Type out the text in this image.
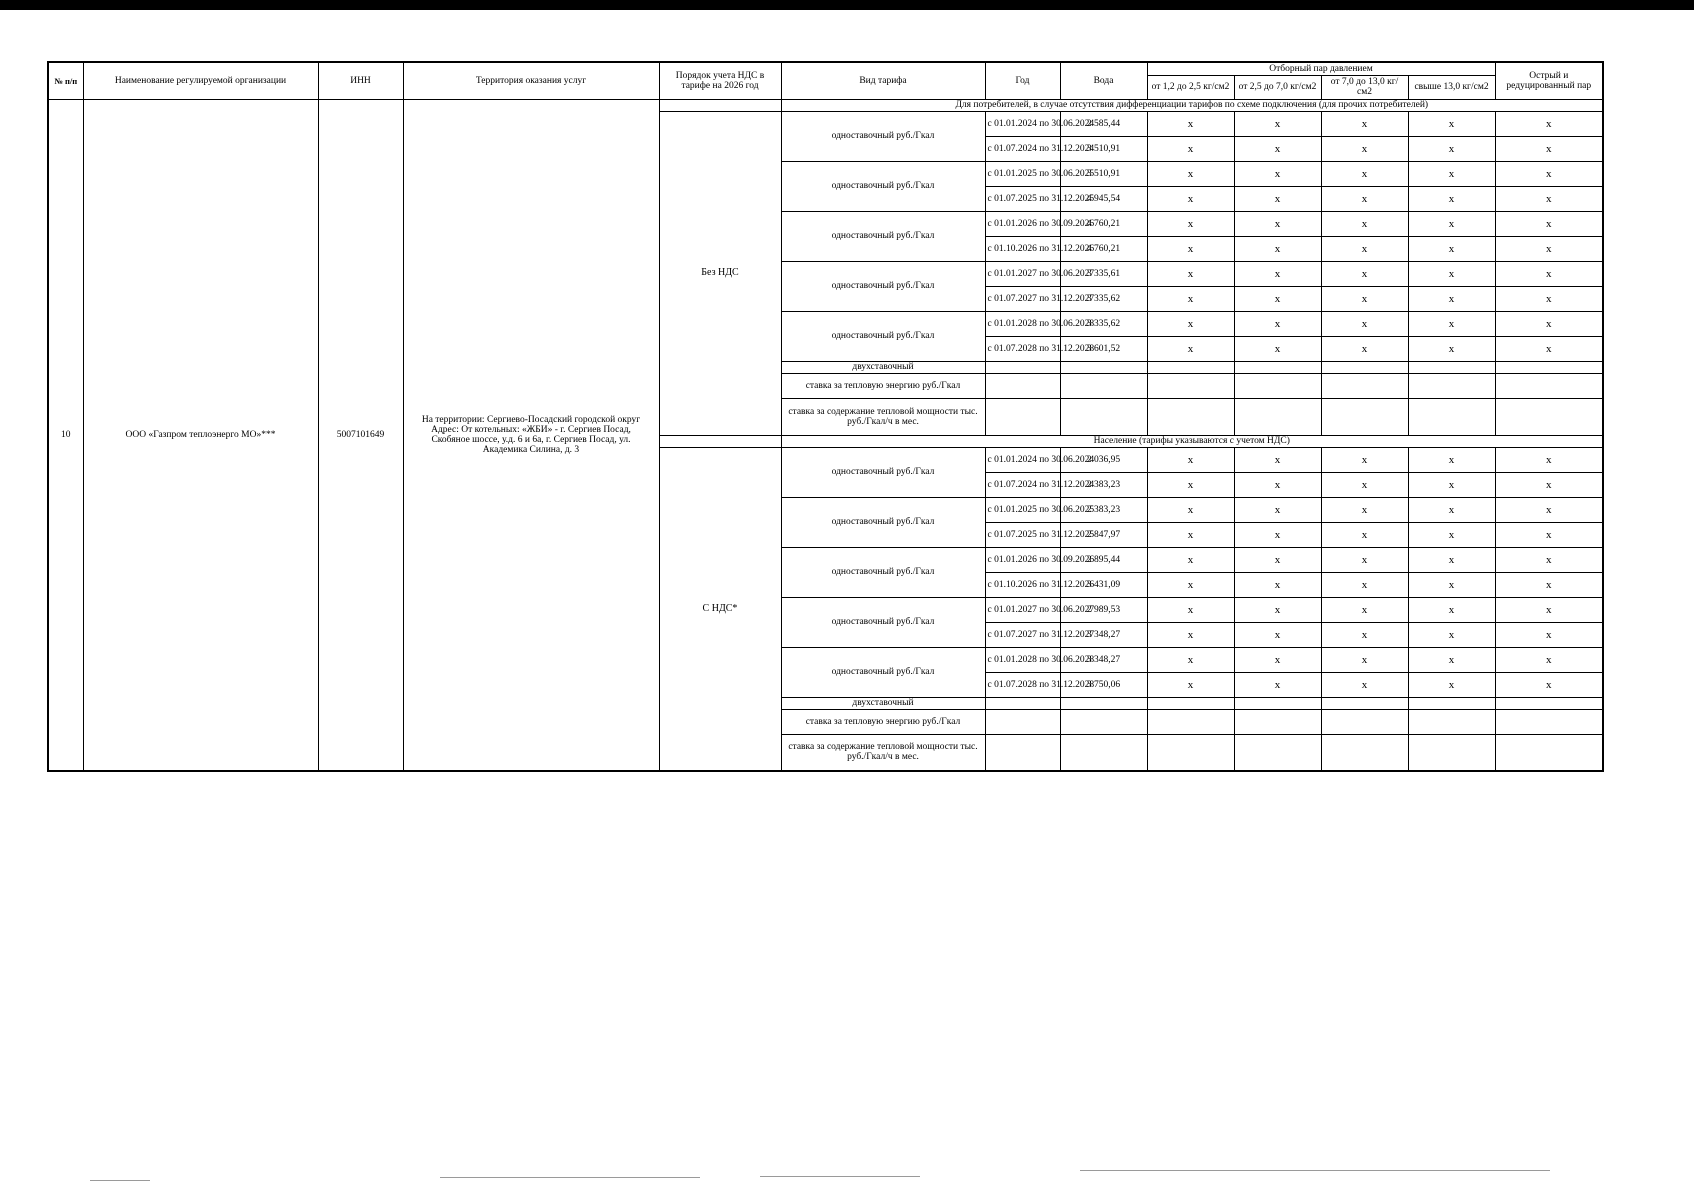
№ п/п	Наименование регулируемой организации	ИНН	Территория оказания услуг	Порядок учета НДС в тарифе на 2026 год	Вид тарифа	Год	Вода	Отборный пар давлением				Острый и редуцированный пар
								от 1,2 до 2,5 кг/см2	от 2,5 до 7,0 кг/см2	от 7,0 до 13,0 кг/см2	свыше 13,0 кг/см2	
10	ООО «Газпром теплоэнерго МО»***	5007101649	На территории: Сергиево-Посадский городской округ Адрес: От котельных: «ЖБИ» - г. Сергиев Посад, Скобяное шоссе, у.д. 6 и 6а, г. Сергиев Посад, ул. Академика Силина, д. 3		Для потребителей, в случае отсутствия дифференциации тарифов по схеме подключения (для прочих потребителей)							
				Без НДС	одноставочный руб./Гкал	с 01.01.2024 по 30.06.2024	2 585,44	x	x	x	x	x
						с 01.07.2024 по 31.12.2024	3 510,91	x	x	x	x	x
					одноставочный руб./Гкал	с 01.01.2025 по 30.06.2025	3 510,91	x	x	x	x	x
						с 01.07.2025 по 31.12.2025	4 945,54	x	x	x	x	x
					одноставочный руб./Гкал	с 01.01.2026 по 30.09.2026	4 760,21	x	x	x	x	x
						с 01.10.2026 по 31.12.2026	4 760,21	x	x	x	x	x
					одноставочный руб./Гкал	с 01.01.2027 по 30.06.2027	3 335,61	x	x	x	x	x
						с 01.07.2027 по 31.12.2027	3 335,62	x	x	x	x	x
					одноставочный руб./Гкал	с 01.01.2028 по 30.06.2028	3 335,62	x	x	x	x	x
						с 01.07.2028 по 31.12.2028	3 601,52	x	x	x	x	x
					двухставочный							
					ставка за тепловую энергию руб./Гкал							
					ставка за содержание тепловой мощности тыс. руб./Гкал/ч в мес.							
					Население (тарифы указываются с учетом НДС)							
				С НДС*	одноставочный руб./Гкал	с 01.01.2024 по 30.06.2024	2 036,95	x	x	x	x	x
						с 01.07.2024 по 31.12.2024	2 383,23	x	x	x	x	x
					одноставочный руб./Гкал	с 01.01.2025 по 30.06.2025	2 383,23	x	x	x	x	x
						с 01.07.2025 по 31.12.2025	2 847,97	x	x	x	x	x
					одноставочный руб./Гкал	с 01.01.2026 по 30.09.2026	2 895,44	x	x	x	x	x
						с 01.10.2026 по 31.12.2026	3 431,09	x	x	x	x	x
					одноставочный руб./Гкал	с 01.01.2027 по 30.06.2027	2 989,53	x	x	x	x	x
						с 01.07.2027 по 31.12.2027	3 348,27	x	x	x	x	x
					одноставочный руб./Гкал	с 01.01.2028 по 30.06.2028	3 348,27	x	x	x	x	x
						с 01.07.2028 по 31.12.2028	3 750,06	x	x	x	x	x
					двухставочный							
					ставка за тепловую энергию руб./Гкал							
					ставка за содержание тепловой мощности тыс. руб./Гкал/ч в мес.							
